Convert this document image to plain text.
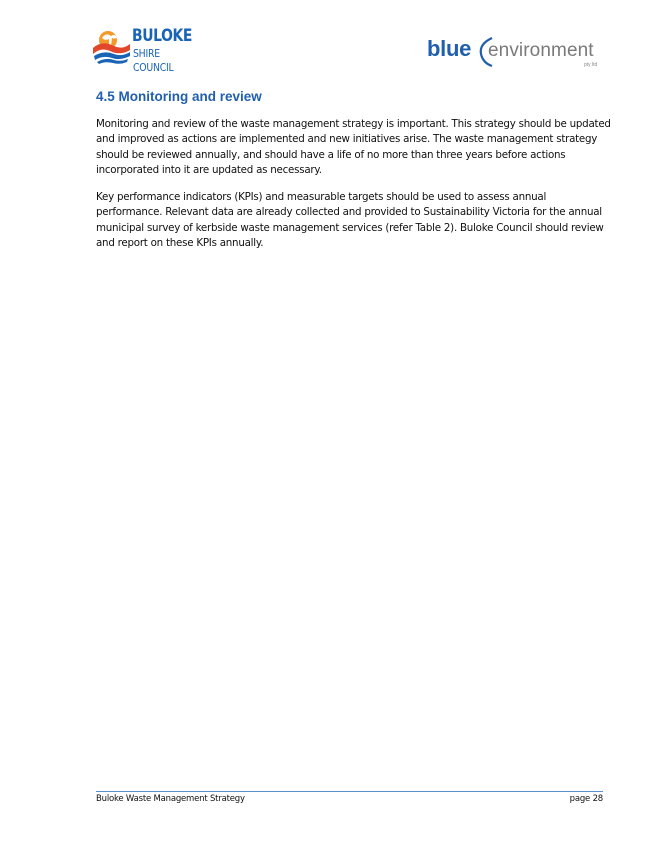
BULOKE
SHIRE COUNCIL
blue environment
pty ltd
4.5 Monitoring and review

Monitoring and review of the waste management strategy is important. This strategy should be updated and improved as actions are implemented and new initiatives arise. The waste management strategy should be reviewed annually, and should have a life of no more than three years before actions incorporated into it are updated as necessary.

Key performance indicators (KPIs) and measurable targets should be used to assess annual performance. Relevant data are already collected and provided to Sustainability Victoria for the annual municipal survey of kerbside waste management services (refer Table 2). Buloke Council should review and report on these KPIs annually.

Buloke Waste Management Strategy	page 28
